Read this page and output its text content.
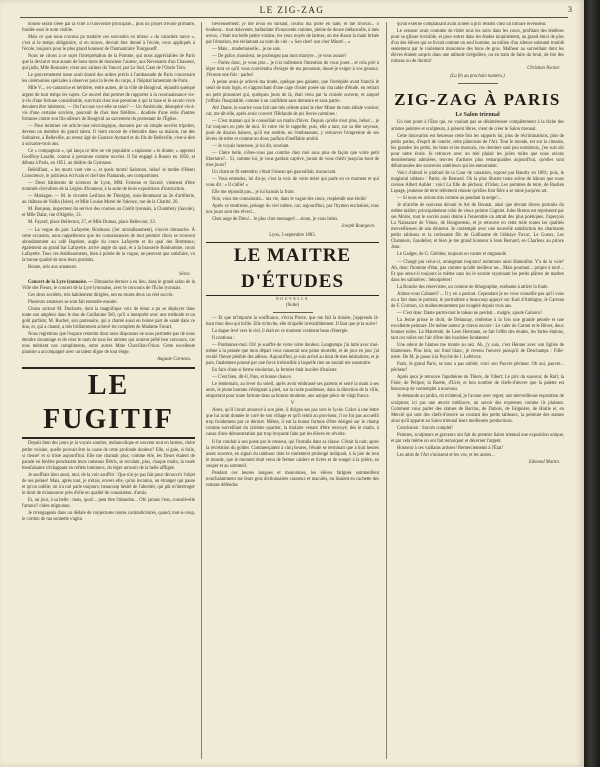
LE ZIG-ZAG	3

bourse serait créée par la ville à l'université principale... plus un projet d'école primaire, fondée sous le nom visible.

Mais ce que nous n'avons pu traduire ces souvenirs en mieux « du caractère rance », c'est si le temps obligatoire, si en trouve, devrait être donné à l'école, ceux appliqués à l'école, toujours pour le plus grand honneur de l'humanitaire Tourgoueff.

Nous ne citons à ce sujet l'interprétation de la Pomme, qui nous appréciables de Paris que la deviat et tout autant de bons mots de monsieur l'auteur, aux Revenants d'un Chasseur, qui jadis, Mlle Bonnaire, vient aux salines du Vaucel, par Le Sud, Case de l'Oncle Tom.

Le gouvernement russe avait donné des ordres précis à l'ambassade de Paris concernant les cérémonies spéciales à observer pour la levée du corps, à l'hôpital lamentant de Paris.

Mlle V..., ex-cantatrice et héritière, entre autres, de la ville de Bougival, répandit quelque argent de tout temps les sujets. Ce nouvel état permet de rapporter à la reconnaissance vis-à-vis d'une fortune considérable, survivait chez une personne à qui la base et le savoir-vivre devaient être inhérents. — On l'accuse va-t-elle se taire? — Un Américain, désespéré vis-à-vis d'une certaine sorcière, poursuit de chez mes fidélités... doublée d'une série d'autres fortunes contre son fils-ailleurs de Bougival au sacrement du protestant de l'Église.

— Pour terminer cet article tout nécrologique, donnons par un simple ouvrier tripotier, devenu un membre du grand talent. Il vient encore de s'éteindre dans sa maison, rue des Solitaires, à Belleville, au retour âgé de Gustave Aymard et du fils de Belleville, c'est-à-dire à soixante-trois ans.

Ce « compagnon », qui lança ce titre ne vie populaire « tapisseur » le drame, « apprenti Geoffroy-Lasalle, connut à personne comme ouvrier. Il fut engagé à Rouen en 1850, et débuta à Paris, en 1851, au théâtre du Gymnase.

Réédifiant, « les morts vont vite », et quels morts! Salomon, hélas! le tombe d'Henri Conscience, le judicieux écrivain et chef des Flamands, ses compatriotes.

— Deux bâtiments de sciences de Lyon, MM. Ferneau et Savard, viennent d'être nommés chevaliers de la Légion d'honneur, à la suite de leurs expositions d'instruction.

— Mariages. — M. le vicomte Lesllons de Thorigny, sous-lieutenant au 2e d'artillerie, au château de Vallin (Isère), et Mlle Louise Morel de Valence, rue de la Charité, 20.

M. Bonjean, inspecteur du service des courses au Crédit lyonnais, à Chambéry (Savoie), et Mlle Dalat, rue d'Algérie, 13.

M. Fayard, place Bellecour, 27, et Mlle Dumas, place Bellecour, 33.

— La vogue du parc Lafayette, Bordeaux (1er arrondissement), s'ouvre dimanche. À cette occasion, nous rappellerons que les connaissances de tout premier choix se trouvent abondamment au café Baptiste, angle du cours Lafayette et du quai des Brotteaux; également au grand bar Lafayette, arrive angle du quai, et à la brasserie Bonhomme, cours Lafayette. Tous ces établissements, bien à portée de la vogue, ne peuvent que satisfaire, vu la bonne qualité de tous leurs produits.

Bonne, avis aux amateurs.

Sérac.

Concert de la Lyre lyonnaise. — Dimanche dernier à eu lieu, dans le grand salon de la Ville des Fleurs, le concert de la Lyre lyonnaise, avec le concours de l'Écho lyonnais.

Ces deux sociétés, très habilement dirigées, ont eu toutes deux un réel succès.

Plusieurs amateurs se sont fait entendre ensuite.

Citons surtout M. Duchatre, dont la magnifique voix de ténor a pu se déployer dans toute son ampleur dans le duo de Guillaume Tell, qu'il a interprété avec une méthode et un goût parfaits; M. Ruchet, son partenaire, qui a chanté aussi en bonne part de santé dans ce duo, et, qui a chanté, a très brillamment achevé les complets de Madame Favart.

Nous regrettons que l'espace restreint dont nous disposons ne nous permette pas de nous étendre davantage et de citer le nom de tous les artistes qui avaient prêté leur concours, car tous méritent nos compliments, entre autres Mme Chevillon-Orion. Cette excellente pianiste a accompagné avec un talent digne de tout éloge.

Auguste Carneau.
LE FUGITIF

Depuis bien des jours je la voyais sombre, mélancolique et souvent tout en larmes, chère petite voisine, quelle pouvait être la cause de cette profonde douleur? Elle, si gaie, si folle, si rieuse! et si triste aujourd'hui. Elle me chantait plus; comme elle, les fleurs étaient de parade en fenêtre penchaient leurs rameaux flétris, se reculant, plus, chaque matin, la rosée bienfaisante s'échappant en reflets lumineux, du léger arrosoir de la belle affligée.

Je souffrais bien aussi, moi, de la voir souffrir : Que n'ai-je pas fait pour découvrir l'objet de ses peines! Mais, après tout, je n'étais, envers elle, qu'un inconnu, un étranger qui passe et qu'on oublie; on n'a nul parle toujours; beaucoup hésité de l'aborder, qui pût m'interroger le droit de m'annoncer près d'elle en qualité de consolateur, d'amis.

Et, un jour, à sa belle : mais, quoi!... peut être l'abandon... Oh! jamais l'eus, consolé-elle l'amour? chère mignonne.

Je m'engageais dans un dédale de conjectures toutes contradictoires, quand, tout-à-coup, le cordon de ma sonnette s'agita

fiévreusement; je me levai en sursaut, courus ma porte en hâte, et me trouvai... ô bonheur... tout dolavente, balbutiant d'innocente craintes, pleine de douce mélancolie, à mes aveux, c'était ma belle petite voisine, les yeux noyés de larmes, on me disant la main brisée par l'émotion, me réclamant au nom du ciel : « Son cher! son cher Minet!... »

— Mais... mademoiselle... je ne sais.

— De grâce, monsieur, ne prolongez pas mon martyre... je vous assure!

— Parlez donc, je vous prie... je n'ai nullement l'intention de vous jouer... et cela prié à léger tout ce qu'il vous conviendra d'exiger de ma personne, dussé-je exiger à vos genoux. J'écoute une fois : parlez!

À peine avais-je achevé ma tirade, quelque peu galante, que l'intrépide avait franchi le seuil de mon logis, et s'approchant d'une cage d'osier posée sur ma table d'étude, en retirait un petit pinsonnet qui, quelques jours de là, était venu par la croisée ouverte, et auquel j'offrais l'hospitalité, comme à un confident sans demeure et sans patrie.

Ah! Dame, le sourire vous fait une très céleste ainsi le cher Minet de mon idéale voisine; car, me dit-elle, après avoir couvert l'Hirlande de pis lèvres carmines :

— C'est maman qui le conseillait un matin d'hiver. Depuis qu'elle n'est plus, hélas!... je l'ai toujours eu près de moi. Si votre vie le rappelle; puis, elle a tant, sur sa tête soyeuse, posé de douces baisers, qu'il me semble, en l'embrassant, y retrouver l'empreinte de ses lèvres de mère et comme un doux parfum d'ineffable amitié.

— Je voyais heureuse, je lui dit, souriant.

— Chère belle, n'êtes-vous pas contrite chez moi sans plus de façon que votre petit libertaire?... Si, comme lui, je vous gardais captive, jurant de vous chérir jusqu'au bout de mes jours?

Un chant se fit entendre; c'était l'oiseau qui gazouillait, insouciant.

— Vous entendez, lui dis-je, c'est la voix de votre mère qui parle en ce moment et qui vous dit : « Il s'allie! »

Elle me répondit pas... je lui baisais la front.

Non, vous me connaissiez... ma vie, dans le vague des cieux, resplendit une étoile!

Après ce tendresse, présage du ciel même, car; aujourd'hui, par l'hymen enchaînés, tous nos jours sont des rêves!...

Chez ange de Dieu!... le plus cher messager!... sinon, je vous bénis.

Joseph Bourgeon.

Lyon, 3 septembre 1883.

LE MAITRE D'ÉTUDES

NOUVELLE

(Suite)

— Et que m'importe la souffrance, s'écria Pierre, que me fait la misère, j'apprends là-haut mon dieu qui brille. Elle m'invite, elle m'apelle irrésistiblement. Il faut que je la suive!

La dague levé vers le ciel, il était en ce moment vraiment beau d'énergie.

Il continua :

— Pardonnez-moi. Oh! je souffre de votre votre douleur. Longtemps j'ai lutté avec moi-même à la pensée que mon départ vous causerait une peine mortelle, et de jour en jour j'ai reculé l'heure pénible des adieux. Aujourd'hui, je suis arrivé au bout de mes hésitations, et je pars, fatalement poussé par une force irrésistible à laquelle rien ne saurait me soustraire.

En face d'une si ferme résolution, la fermier était insolite d'insister.

— C'est bien, dit-il, Pars, et bonne chance.

Le lendemain, au lever du soleil, après avoir embrassé ses parents et serré la main à ses amis, le jeune homme s'éloignait à pied, sur la route poudreuse, dans la direction de la ville, emportant pour toute fortune dans sa bourse modeste, une unique pièce de vingt francs.

V

Alors, qu'il l'avait annoncé à son père, il dirigea ses pas vers le lycée. Grâce à une lettre que lui avait donnée le curé de son village et qu'il remit au proviseur, il ne fut pas accueilli trop froidement par ce dernier. Même, il eut la bonne fortune d'être désigné sur le champ comme surveillant du sixième quartier, la titulaire venant d'être renvoyé, dès le matin, à cause d'une démonstration par trop bruyante faite par les élèves en révolte.

Il fut conduit à son poste par le censeur, qui l'installa dans sa classe. C'était la nuit; après la récréation du goûter. Commençaient à cinq heures, l'étude se terminait que à huit heures assez souvent, en signal du tambour dont le roulement prolongé indiquait, à la joie de tout le monde, que le moment était venu de fermer cahiers et livres et de songer à la prière, au souper et au sommeil.

Pendant ces heures longues et monotones, les élèves fatigués sommeillent nonchalamment sur leurs gros dictionnaires crasseux et maculés, ou lisaient en cachette des romans défendus

qu'un externe complaisant avait acheté à prix réduits chez un libraire revendeur.

Le censeur avait coutume de rôder tous les soirs dans les cours, profitant des ténèbres pour se glisser invisible, et pour entrer dans les études inopinément, au grand émoi de plus d'un des élèves qui se livrait comme un seul homme, au milieu d'un silence solennel troublé seulement par le roulement monotone des bons de gros. Malheur au surveillant dont les élèves étaient surpris dans une attitude irrégulière, ou en train de faire du bruit, de lire des romans ou de dormir!

Christian Necker.

(La fin au prochain numéro.)

ZIG-ZAG À PARIS
Le Salon triennal

Un bon point à l'État qui, ne voulant pas se désintéresser complètement à la tâche des artistes peintres et sculpteurs, à présent libres, vient de créer le Salon triennal.

Cette innovation est heureuse cette fois les rapports lui, plus de récriminations, plus de petits potins, d'esprit de coterie, cette pâmoison de l'Art. Tout le monde, est sur la cimaise, les grandes les petits, les bons et les mauvais, ces derniers sont peu nombreux, j'en suis sûr pour notre école. Je retrouve avec un réel plaisir les jolies toiles que nous avions dernièrement admirées, œuvres d'artistes plus remarquables aujourd'hui, qu'elles sont débarrassées des souvenirs antérieurs qui les entouraient.

Voici d'abord le plafond de la Cour de cassation, exposé par Baudry en 1881; puis, le magistral tableau : Patrie, de Bernard. Où la plus illustre toute scène de bâtons que nous ravisse Albert Aublet : voici La fille de pêcheur, d'Odon; Les pommes de terre, de Bastien Lepage, jeunesse de terre tellement réussie qu'elles font fière à se mine jusqu'en art.

— Si nous en avions mis comme au pendant la neige!...

Je m'arrête de nouveau devant le Art de Bonnat, ainsi que devant divers portraits du même maître; principalement celui de vieux peintre Cogniet. Jules Breton est représenté par ses Moins, tout le succès aussi donne à l'ensemble un attrait des plus poétiques. J'aperçois La Naissance de Vénus, de Bouguereau, et je retrouve en cette toile toutes les qualités merveilleuses de son éminent. Je contemple avec une nouvelle satisfaction les charmants petits tableaux et la ravissante fils de Guillaume de l'abbaye Fuvac, Le Gueux, Les Chanteurs, Gaudelier, et bien je me grand honneur à Jean Bernard, en Charleux au prince Jean.

Le Gadget, de G. Gérôme, toujours en vanter et mignaudé.

— Chargé par celui-ci, arrangeant toujours! nommons ainsi Hamnillot. Y'a de la voie? Ah, donc l'homme d'état, pas comme qu'allé meilleur ne... Mais pourtant... propre à tout!... Et que sera-t-il toujours le même sans lui le sourire rayonnant les petits plâtres de marbre dans les salinières : Sénoiptères!

La Bouche des réservistes, un comme de lithographie, exeltante à attirer la foule.

Aimez-vous Cabanel? ... Il y en a partout. Cependant je ne vous conseille pas qu'il vous on a fait dans le portrait, le portraitiste a beaucoup appuyé sur Karl d'Anthigny, le Carreau de F. Cormon, s'a malheureusement par exagéré depuis trois ans.

— C'est donc Dante parmi-tout le taleau ne perdait... maigre, ajoute Calanco!

La Jeune prisse le droit, de Delaunay, renferme à la fois une grande pensée et une excellente peinture. De même auteur je citerai encore : Le caler de Carnot et le Rêves, deux bonnes toiles. La Maternité, de Léon Hermann, se fait l'effet des études, les fortes étalons, tant ces toiles ont l'air d'être des louchées fondantes!

Une odeur de blames me monte au nez. Ah, j'y suis, c'est Henner avec son Eglise de blameuses. Plus loin, sur fond blanc, je revenu l'oeuvre puisqu'il de Deschamps : Fille-mère. De M. je passe à la Psyché de J. Lefebvre.

Paris, le grand Paris, se tous a pas oublié; voici son Pauvre pêcheur. Oh oui, pauvre... pêcheur!

Après quoi je retrouve l'apothéose de Thiers, de Vibert; Le prix du sauveur, de Roll; la Fiole, de Pelipot; la Ruette, d'Uret, et bon nombre de chefs-d'œuvre que la palette est beaucoup de contemplet à nouveau.

Je demande au jardin, où m'attend, je l'avoue avec regret, une merveilleuse exposition de sculpture; ici pas une œuvre médiocre, un savoir des expresses comme ils plaisent. Comment vous parler des statues de Barrias, de Dubois, de Falguière, de Hiolle et, en Mercié qui sont des chefs-d'œuvre au courant des petits tableaux, la peinture des statues ainsi qu'il apparut au Salon triennal leurs meilleures productions.

Conclusion : Succès complet!

Peintres, sculpteurs et graveurs ont fait du premier Salon triennal une exposition unique, et par cela même on ont fait remarquer et décerner l'argent.

Honneur à ces vaillants artistes! Remerciements à l'État!

Les amis de l'Art s'unissent et les vos, et les autres...

Edmond Martin.
